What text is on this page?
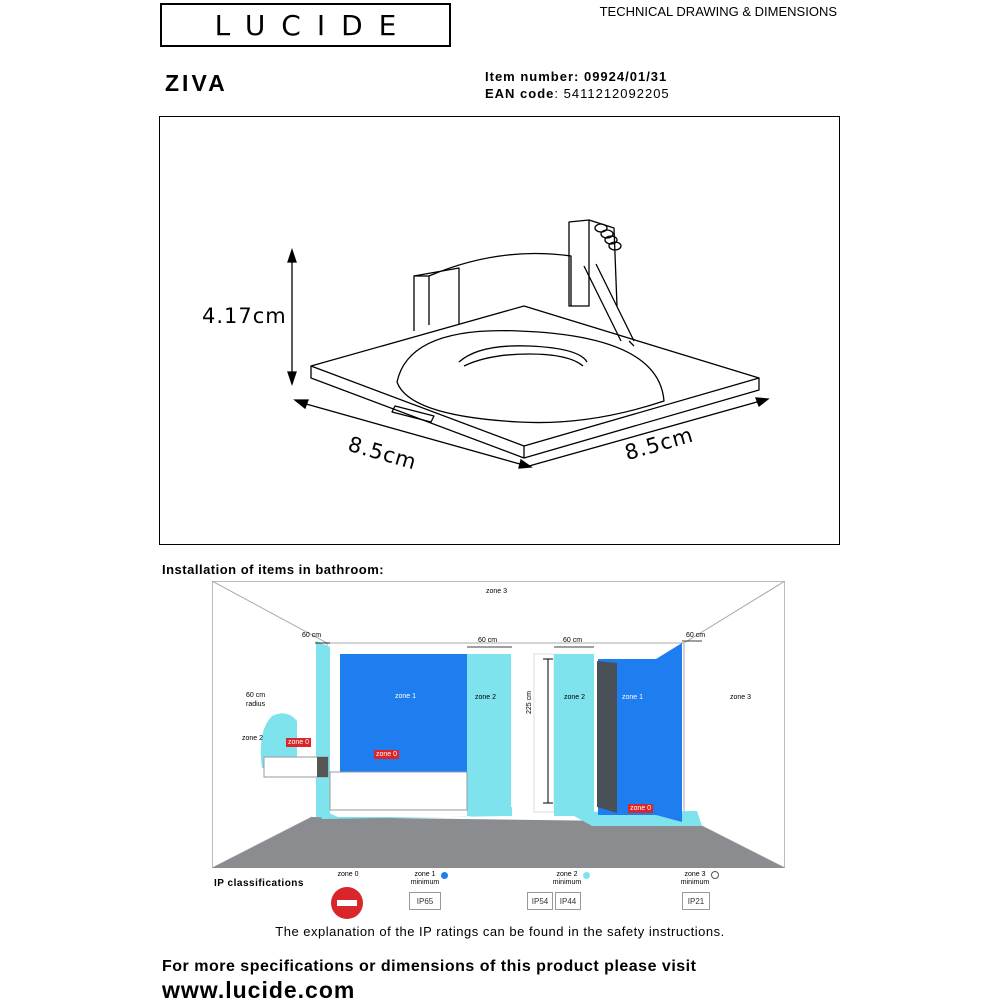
LUCIDE	TECHNICAL DRAWING & DIMENSIONS
ZIVA	Item number: 09924/01/31
EAN code: 5411212092205
4.17cm
8.5cm	8.5cm
Installation of items in bathroom:
zone 3
zone 3
zone 1	zone 1
zone 2	zone 2
zone 2
zone 0
zone 0
zone 0
60 cm
60 cm	60 cm
60 cm
60 cm
radius	225 cm
IP classifications
zone 0	zone 1
minimum
IP65
zone 2
minimum
IP54	IP44
zone 3
minimum
IP21
The explanation of the IP ratings can be found in the safety instructions.
For more specifications or dimensions of this product please visit
www.lucide.com
